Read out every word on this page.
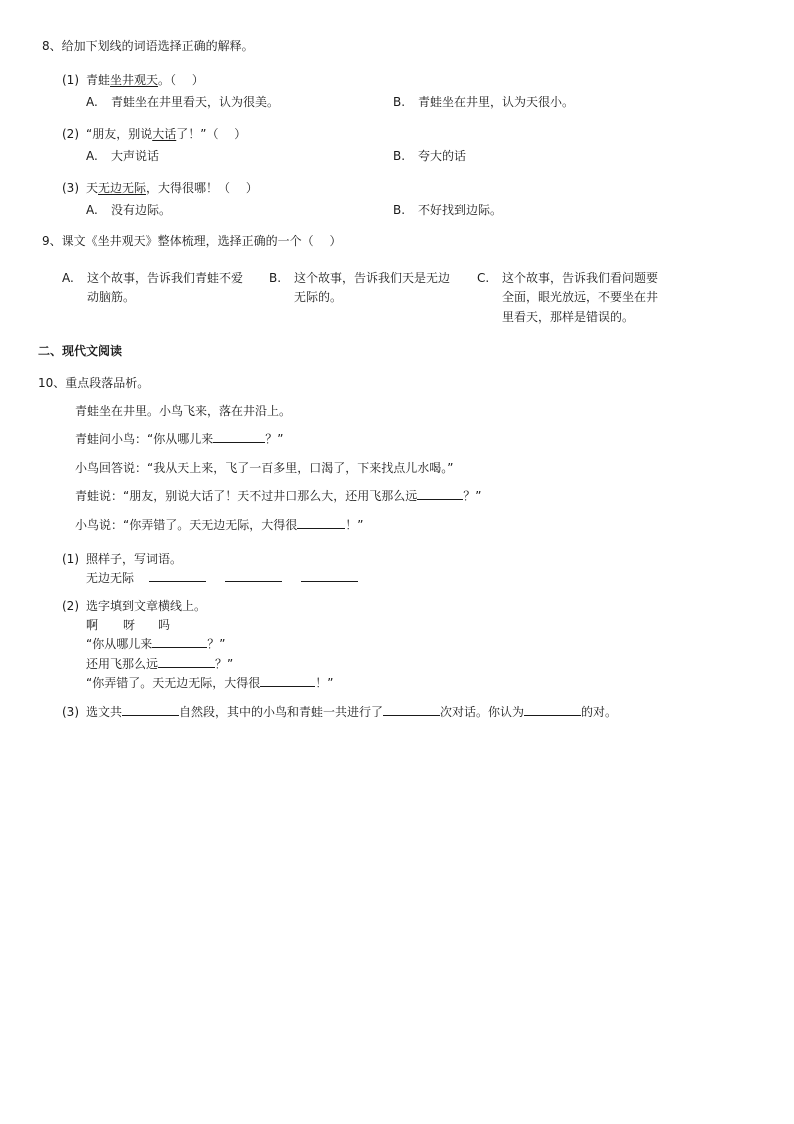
8、给加下划线的词语选择正确的解释。
(1) 青蛙坐井观天。（　 ）
A. 青蛙坐在井里看天，认为很美。	B. 青蛙坐在井里，认为天很小。
(2) “朋友，别说大话了！”（　 ）
A. 大声说话	B. 夸大的话
(3) 天无边无际，大得很哪！（　 ）
A. 没有边际。	B. 不好找到边际。
9、课文《坐井观天》整体梳理，选择正确的一个（　 ）
A. 这个故事，告诉我们青蛙不爱
动脑筋。
B. 这个故事，告诉我们天是无边
无际的。
C. 这个故事，告诉我们看问题要
全面，眼光放远，不要坐在井
里看天，那样是错误的。
二、现代文阅读
10、重点段落品析。
青蛙坐在井里。小鸟飞来，落在井沿上。
青蛙问小鸟：“你从哪儿来	？”
小鸟回答说：“我从天上来，飞了一百多里，口渴了，下来找点儿水喝。”
青蛙说：“朋友，别说大话了！天不过井口那么大，还用飞那么远	？”
小鸟说：“你弄错了。天无边无际，大得很	！”
(1) 照样子，写词语。
无边无际
(2) 选字填到文章横线上。
啊 呀 吗
“你从哪儿来	？”
还用飞那么远	？”
“你弄错了。天无边无际，大得很	！”
(3) 选文共	自然段，其中的小鸟和青蛙一共进行了	次对话。你认为	的对。
